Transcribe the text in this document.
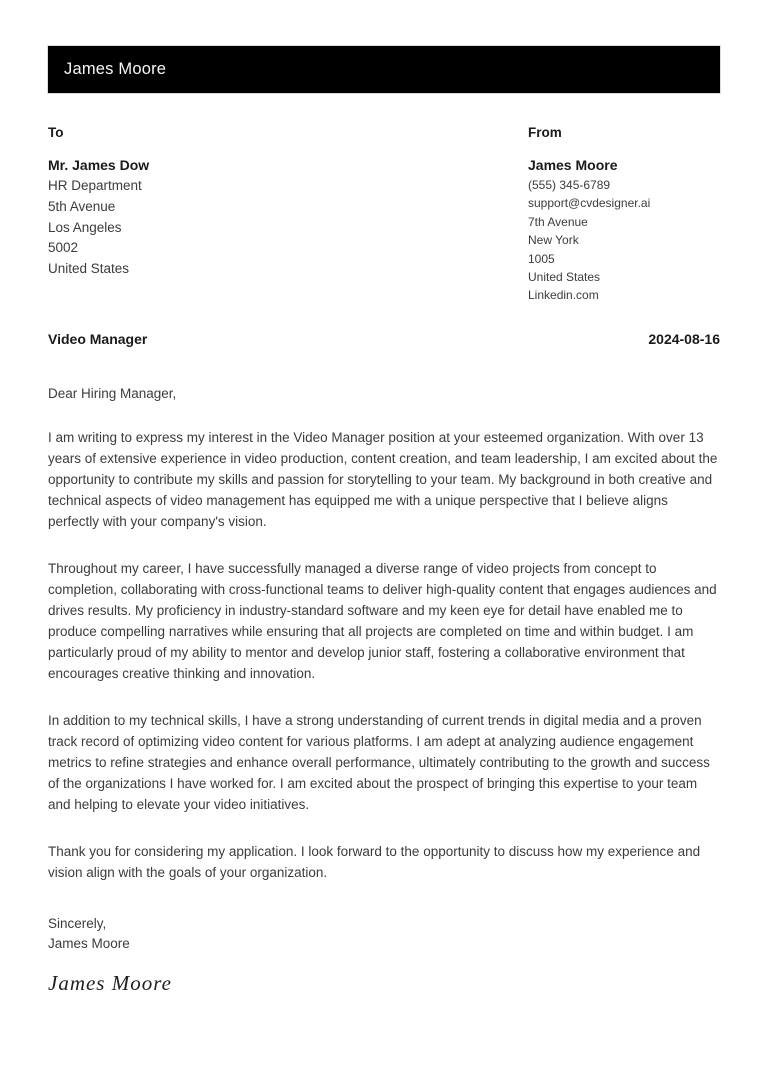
James Moore
To
Mr. James Dow
HR Department
5th Avenue
Los Angeles
5002
United States
From
James Moore
(555) 345-6789
support@cvdesigner.ai
7th Avenue
New York
1005
United States
Linkedin.com
Video Manager	2024-08-16
Dear Hiring Manager,

I am writing to express my interest in the Video Manager position at your esteemed organization. With over 13 years of extensive experience in video production, content creation, and team leadership, I am excited about the opportunity to contribute my skills and passion for storytelling to your team. My background in both creative and technical aspects of video management has equipped me with a unique perspective that I believe aligns perfectly with your company's vision.

Throughout my career, I have successfully managed a diverse range of video projects from concept to completion, collaborating with cross-functional teams to deliver high-quality content that engages audiences and drives results. My proficiency in industry-standard software and my keen eye for detail have enabled me to produce compelling narratives while ensuring that all projects are completed on time and within budget. I am particularly proud of my ability to mentor and develop junior staff, fostering a collaborative environment that encourages creative thinking and innovation.

In addition to my technical skills, I have a strong understanding of current trends in digital media and a proven track record of optimizing video content for various platforms. I am adept at analyzing audience engagement metrics to refine strategies and enhance overall performance, ultimately contributing to the growth and success of the organizations I have worked for. I am excited about the prospect of bringing this expertise to your team and helping to elevate your video initiatives.

Thank you for considering my application. I look forward to the opportunity to discuss how my experience and vision align with the goals of your organization.

Sincerely,
James Moore
James Moore
